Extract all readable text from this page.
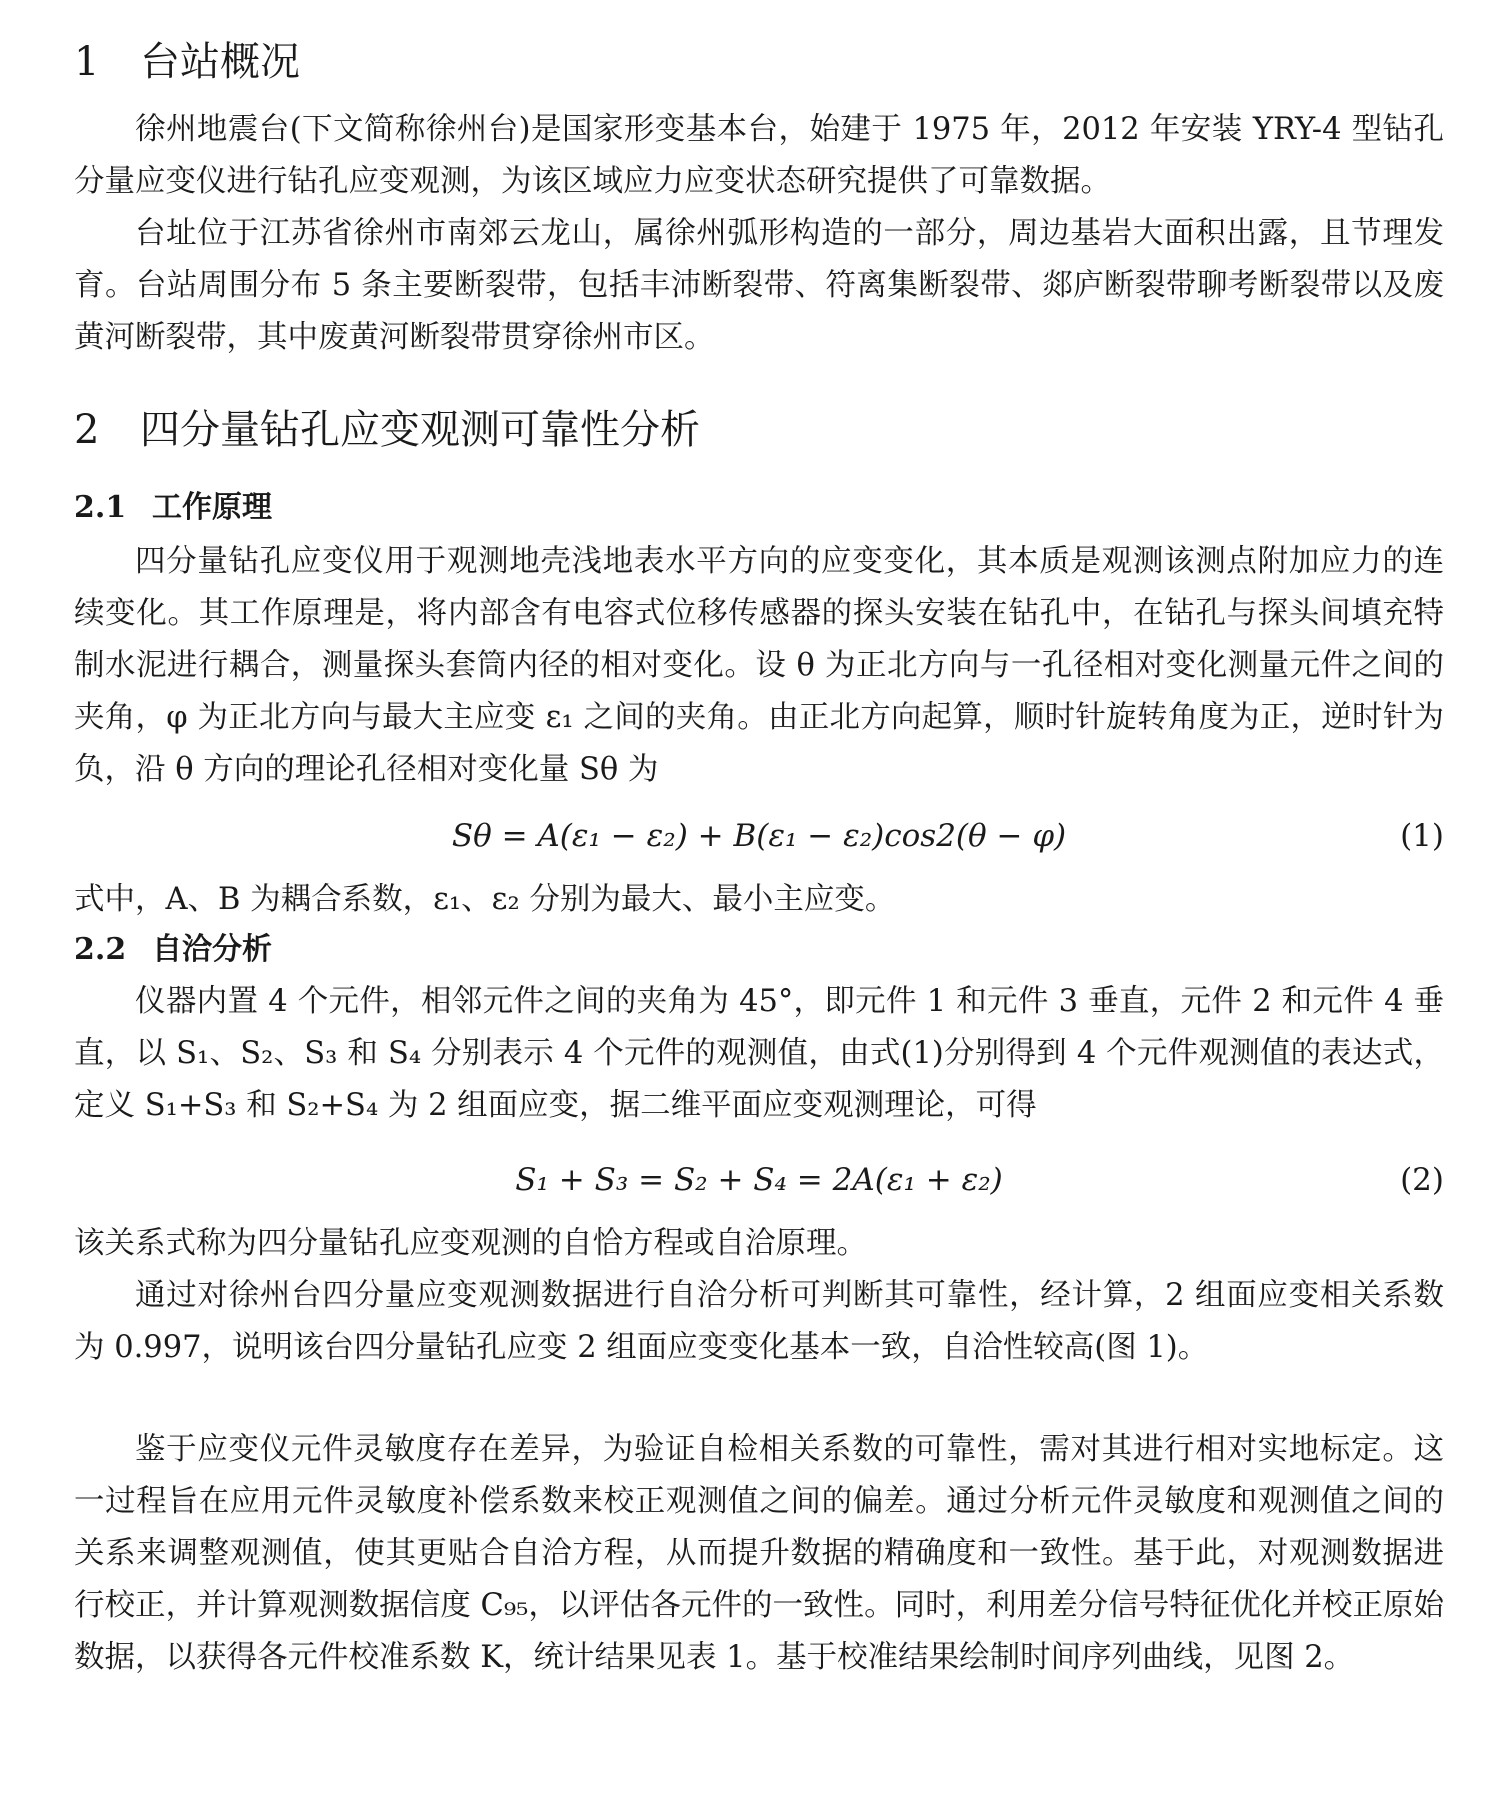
1 台站概况

徐州地震台(下文简称徐州台)是国家形变基本台，始建于 1975 年，2012 年安装 YRY-4 型钻孔分量应变仪进行钻孔应变观测，为该区域应力应变状态研究提供了可靠数据。

台址位于江苏省徐州市南郊云龙山，属徐州弧形构造的一部分，周边基岩大面积出露，且节理发育。台站周围分布 5 条主要断裂带，包括丰沛断裂带、符离集断裂带、郯庐断裂带聊考断裂带以及废黄河断裂带，其中废黄河断裂带贯穿徐州市区。

2 四分量钻孔应变观测可靠性分析
2.1 工作原理

四分量钻孔应变仪用于观测地壳浅地表水平方向的应变变化，其本质是观测该测点附加应力的连续变化。其工作原理是，将内部含有电容式位移传感器的探头安装在钻孔中，在钻孔与探头间填充特制水泥进行耦合，测量探头套筒内径的相对变化。设 θ 为正北方向与一孔径相对变化测量元件之间的夹角，φ 为正北方向与最大主应变 ε₁ 之间的夹角。由正北方向起算，顺时针旋转角度为正，逆时针为负，沿 θ 方向的理论孔径相对变化量 Sθ 为

Sθ = A(ε₁ − ε₂) + B(ε₁ − ε₂)cos2(θ − φ)	(1)

式中，A、B 为耦合系数，ε₁、ε₂ 分别为最大、最小主应变。

2.2 自洽分析

仪器内置 4 个元件，相邻元件之间的夹角为 45°，即元件 1 和元件 3 垂直，元件 2 和元件 4 垂直，以 S₁、S₂、S₃ 和 S₄ 分别表示 4 个元件的观测值，由式(1)分别得到 4 个元件观测值的表达式，定义 S₁+S₃ 和 S₂+S₄ 为 2 组面应变，据二维平面应变观测理论，可得

S₁ + S₃ = S₂ + S₄ = 2A(ε₁ + ε₂)	(2)

该关系式称为四分量钻孔应变观测的自恰方程或自洽原理。

通过对徐州台四分量应变观测数据进行自洽分析可判断其可靠性，经计算，2 组面应变相关系数为 0.997，说明该台四分量钻孔应变 2 组面应变变化基本一致，自洽性较高(图 1)。

鉴于应变仪元件灵敏度存在差异，为验证自检相关系数的可靠性，需对其进行相对实地标定。这一过程旨在应用元件灵敏度补偿系数来校正观测值之间的偏差。通过分析元件灵敏度和观测值之间的关系来调整观测值，使其更贴合自洽方程，从而提升数据的精确度和一致性。基于此，对观测数据进行校正，并计算观测数据信度 C₉₅，以评估各元件的一致性。同时，利用差分信号特征优化并校正原始数据，以获得各元件校准系数 K，统计结果见表 1。基于校准结果绘制时间序列曲线，见图 2。
